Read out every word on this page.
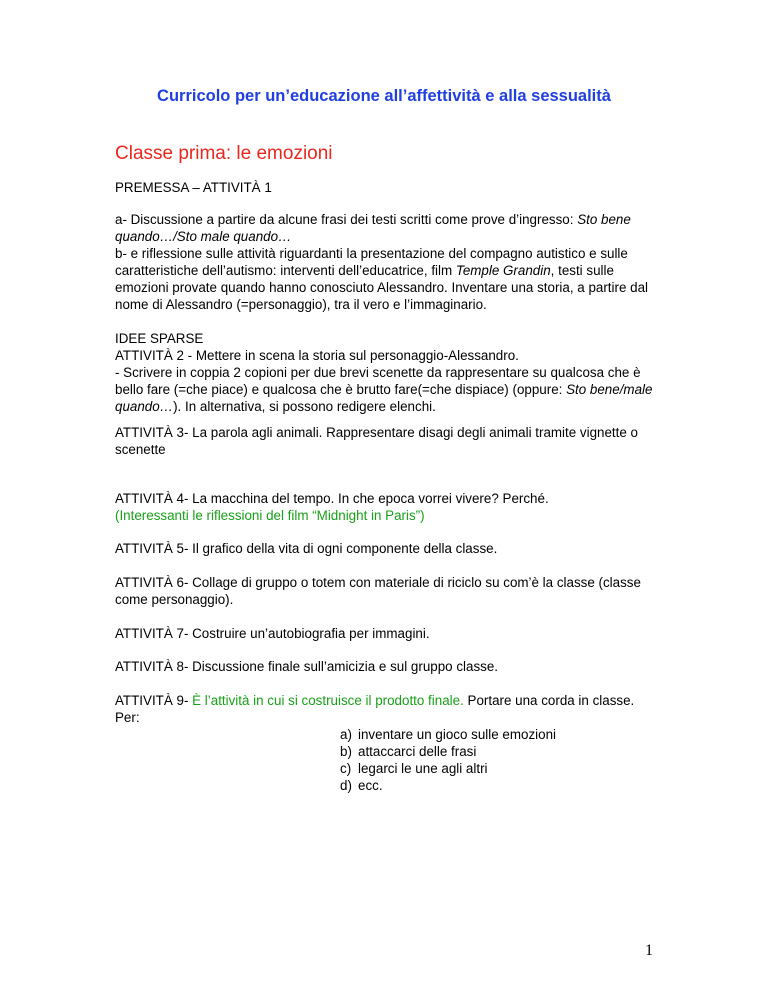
Curricolo per un’educazione all’affettività e alla sessualità
Classe prima: le emozioni

PREMESSA – ATTIVITÀ 1

a- Discussione a partire da alcune frasi dei testi scritti come prove d’ingresso: Sto bene quando…/Sto male quando…

b- e riflessione sulle attività riguardanti la presentazione del compagno autistico e sulle caratteristiche dell’autismo: interventi dell’educatrice, film Temple Grandin, testi sulle emozioni provate quando hanno conosciuto Alessandro. Inventare una storia, a partire dal nome di Alessandro (=personaggio), tra il vero e l’immaginario.

IDEE SPARSE

ATTIVITÀ 2 - Mettere in scena la storia sul personaggio-Alessandro.

- Scrivere in coppia 2 copioni per due brevi scenette da rappresentare su qualcosa che è bello fare (=che piace) e qualcosa che è brutto fare(=che dispiace) (oppure: Sto bene/male quando…). In alternativa, si possono redigere elenchi.

ATTIVITÀ 3- La parola agli animali. Rappresentare disagi degli animali tramite vignette o scenette

ATTIVITÀ 4- La macchina del tempo. In che epoca vorrei vivere? Perché.
(Interessanti le riflessioni del film “Midnight in Paris”)

ATTIVITÀ 5- Il grafico della vita di ogni componente della classe.

ATTIVITÀ 6- Collage di gruppo o totem con materiale di riciclo su com’è la classe (classe come personaggio).

ATTIVITÀ 7- Costruire un’autobiografia per immagini.

ATTIVITÀ 8- Discussione finale sull’amicizia e sul gruppo classe.

ATTIVITÀ 9- È l’attività in cui si costruisce il prodotto finale. Portare una corda in classe. Per:

a) inventare un gioco sulle emozioni
b) attaccarci delle frasi
c) legarci le une agli altri
d) ecc.
1
